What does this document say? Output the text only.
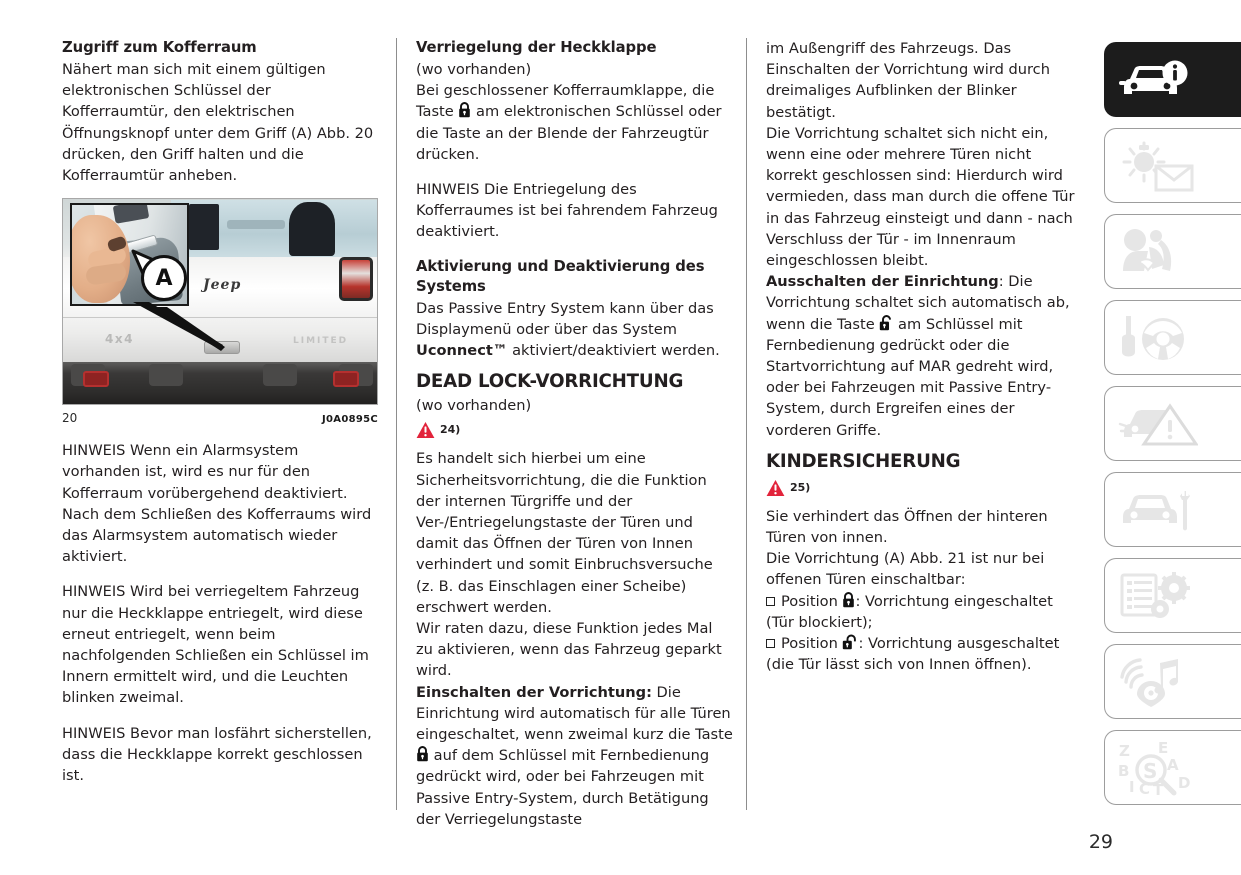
Zugriff zum Kofferraum

Nähert man sich mit einem gültigen elektronischen Schlüssel der Kofferraumtür, den elektrischen Öffnungsknopf unter dem Griff (A) Abb. 20 drücken, den Griff halten und die Kofferraumtür anheben.

Jeep
4x4	LIMITED
A
20	J0A0895C

HINWEIS Wenn ein Alarmsystem vorhanden ist, wird es nur für den Kofferraum vorübergehend deaktiviert. Nach dem Schließen des Kofferraums wird das Alarmsystem automatisch wieder aktiviert.

HINWEIS Wird bei verriegeltem Fahrzeug nur die Heckklappe entriegelt, wird diese erneut entriegelt, wenn beim nachfolgenden Schließen ein Schlüssel im Innern ermittelt wird, und die Leuchten blinken zweimal.

HINWEIS Bevor man losfährt sicherstellen, dass die Heckklappe korrekt geschlossen ist.

Verriegelung der Heckklappe

(wo vorhanden)

Bei geschlossener Kofferraumklappe, die Taste am elektronischen Schlüssel oder die Taste an der Blende der Fahrzeugtür drücken.

HINWEIS Die Entriegelung des Kofferraumes ist bei fahrendem Fahrzeug deaktiviert.

Aktivierung und Deaktivierung des Systems

Das Passive Entry System kann über das Displaymenü oder über das System Uconnect™ aktiviert/deaktiviert werden.

DEAD LOCK-VORRICHTUNG

(wo vorhanden)

24)

Es handelt sich hierbei um eine Sicherheitsvorrichtung, die die Funktion der internen Türgriffe und der Ver-/Entriegelungstaste der Türen und damit das Öffnen der Türen von Innen verhindert und somit Einbruchsversuche (z. B. das Einschlagen einer Scheibe) erschwert werden.

Wir raten dazu, diese Funktion jedes Mal zu aktivieren, wenn das Fahrzeug geparkt wird.

Einschalten der Vorrichtung: Die Einrichtung wird automatisch für alle Türen eingeschaltet, wenn zweimal kurz die Taste
auf dem Schlüssel mit Fernbedienung gedrückt wird, oder bei Fahrzeugen mit Passive Entry-System, durch Betätigung der Verriegelungstaste

im Außengriff des Fahrzeugs. Das Einschalten der Vorrichtung wird durch dreimaliges Aufblinken der Blinker bestätigt.

Die Vorrichtung schaltet sich nicht ein, wenn eine oder mehrere Türen nicht korrekt geschlossen sind: Hierdurch wird vermieden, dass man durch die offene Tür in das Fahrzeug einsteigt und dann - nach Verschluss der Tür - im Innenraum eingeschlossen bleibt.

Ausschalten der Einrichtung: Die Vorrichtung schaltet sich automatisch ab, wenn die Taste am Schlüssel mit Fernbedienung gedrückt oder die Startvorrichtung auf MAR gedreht wird, oder bei Fahrzeugen mit Passive Entry-System, durch Ergreifen eines der vorderen Griffe.

KINDERSICHERUNG

25)

Sie verhindert das Öffnen der hinteren Türen von innen.

Die Vorrichtung (A) Abb. 21 ist nur bei offenen Türen einschaltbar:

Position : Vorrichtung eingeschaltet (Tür blockiert);

Position : Vorrichtung ausgeschaltet (die Tür lässt sich von Innen öffnen).

Z E
B	A
I C T D
S
29
